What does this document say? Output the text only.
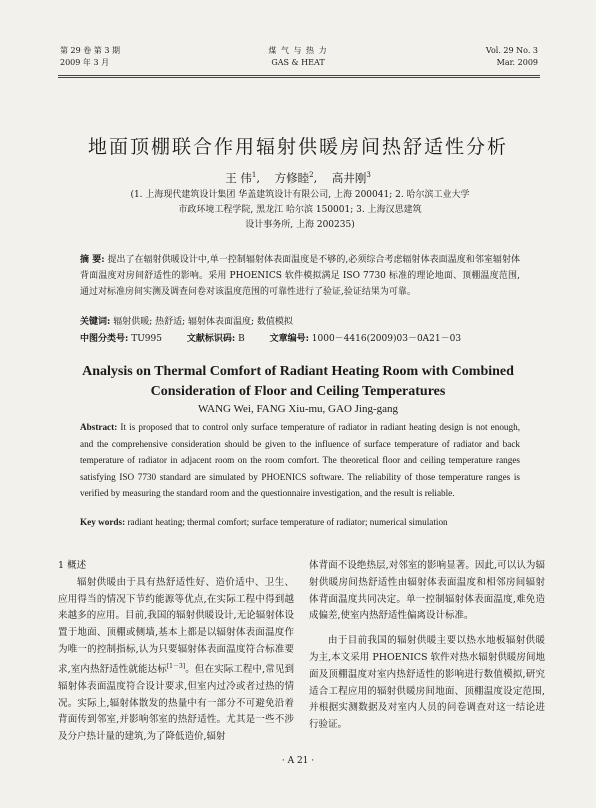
第 29 卷 第 3 期
2009 年 3 月
煤 气 与 热 力
GAS & HEAT
Vol. 29 No. 3
Mar. 2009
地面顶棚联合作用辐射供暖房间热舒适性分析
王 伟$^1$,    方修睦$^2$,    高井刚$^3$
(1. 上海现代建筑设计集团 华盖建筑设计有限公司, 上海 200041; 2. 哈尔滨工业大学
市政环境工程学院, 黑龙江 哈尔滨 150001; 3. 上海汉思建筑
设计事务所, 上海 200235)
摘 要: 提出了在辐射供暖设计中,单一控制辐射体表面温度是不够的,必须综合考虑辐射体表面温度和邻室辐射体背面温度对房间舒适性的影响。采用 PHOENICS 软件模拟满足 ISO 7730 标准的理论地面、顶棚温度范围,通过对标准房间实测及调查问卷对该温度范围的可靠性进行了验证,验证结果为可靠。
关键词: 辐射供暖; 热舒适; 辐射体表面温度; 数值模拟
中图分类号: TU995	文献标识码: B	文章编号: 1000－4416(2009)03－0A21－03
Analysis on Thermal Comfort of Radiant Heating Room with Combined Consideration of Floor and Ceiling Temperatures
WANG Wei, FANG Xiu-mu, GAO Jing-gang
Abstract: It is proposed that to control only surface temperature of radiator in radiant heating design is not enough, and the comprehensive consideration should be given to the influence of surface temperature of radiator and back temperature of radiator in adjacent room on the room comfort. The theoretical floor and ceiling temperature ranges satisfying ISO 7730 standard are simulated by PHOENICS software. The reliability of those temperature ranges is verified by measuring the standard room and the questionnaire investigation, and the result is reliable.
Key words: radiant heating; thermal comfort; surface temperature of radiator; numerical simulation

1 概述

辐射供暖由于具有热舒适性好、造价适中、卫生、应用得当的情况下节约能源等优点,在实际工程中得到越来越多的应用。目前,我国的辐射供暖设计,无论辐射体设置于地面、顶棚或侧墙,基本上都是以辐射体表面温度作为唯一的控制指标,认为只要辐射体表面温度符合标准要求,室内热舒适性就能达标[1－3]。但在实际工程中,常见到辐射体表面温度符合设计要求,但室内过冷或者过热的情况。实际上,辐射体散发的热量中有一部分不可避免沿着背面传到邻室,并影响邻室的热舒适性。尤其是一些不涉及分户热计量的建筑,为了降低造价,辐射

体背面不设绝热层,对邻室的影响显著。因此,可以认为辐射供暖房间热舒适性由辐射体表面温度和相邻房间辐射体背面温度共同决定。单一控制辐射体表面温度,难免造成偏差,使室内热舒适性偏离设计标准。

由于目前我国的辐射供暖主要以热水地板辐射供暖为主,本文采用 PHOENICS 软件对热水辐射供暖房间地面及顶棚温度对室内热舒适性的影响进行数值模拟,研究适合工程应用的辐射供暖房间地面、顶棚温度设定范围,并根据实测数据及对室内人员的问卷调查对这一结论进行验证。

· A 21 ·
